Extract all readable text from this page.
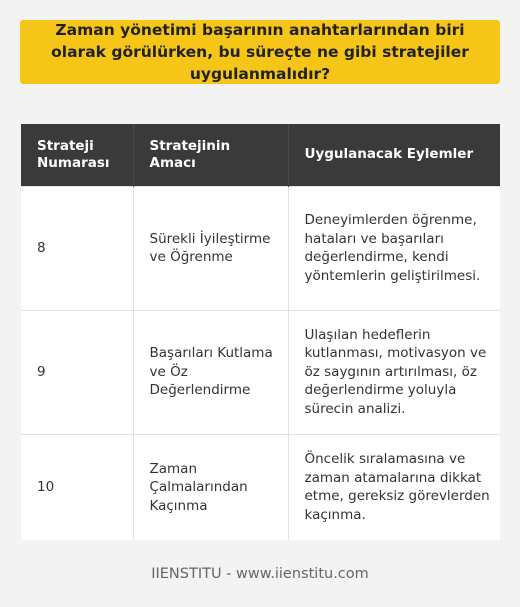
Zaman yönetimi başarının anahtarlarından biri olarak görülürken, bu süreçte ne gibi stratejiler uygulanmalıdır?
Strateji Numarası	Stratejinin Amacı	Uygulanacak Eylemler
8	Sürekli İyileştirme ve Öğrenme	Deneyimlerden öğrenme, hataları ve başarıları değerlendirme, kendi yöntemlerin geliştirilmesi.
9	Başarıları Kutlama ve Öz Değerlendirme	Ulaşılan hedeflerin kutlanması, motivasyon ve öz saygının artırılması, öz değerlendirme yoluyla sürecin analizi.
10	Zaman Çalmalarından Kaçınma	Öncelik sıralamasına ve zaman atamalarına dikkat etme, gereksiz görevlerden kaçınma.
IIENSTITU - www.iienstitu.com
